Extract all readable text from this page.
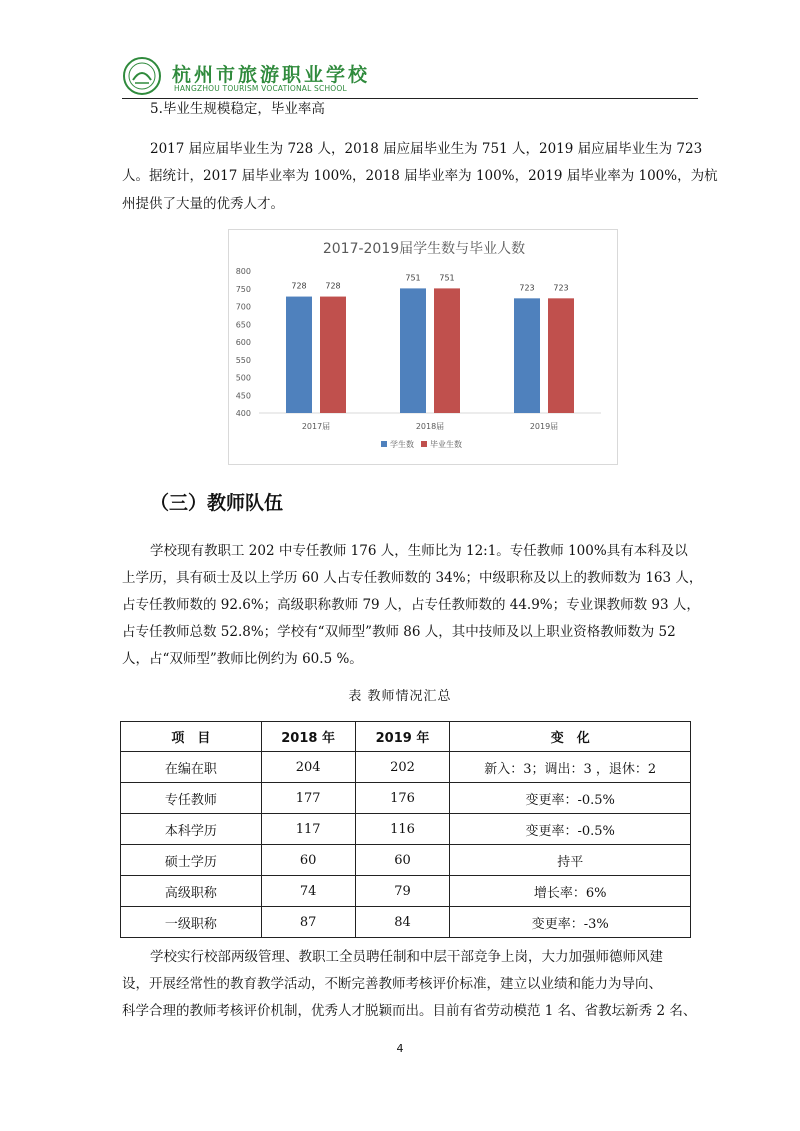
杭州市旅游职业学校
HANGZHOU TOURISM VOCATIONAL SCHOOL
5.毕业生规模稳定，毕业率高
2017 届应届毕业生为 728 人，2018 届应届毕业生为 751 人，2019 届应届毕业生为 723
人。据统计，2017 届毕业率为 100%，2018 届毕业率为 100%，2019 届毕业率为 100%，为杭
州提供了大量的优秀人才。
2017-2019届学生数与毕业人数
400
450
500
550
600
650
700
750
800
2017届
728 728
2018届
751 751
2019届
723 723
学生数 毕业生数
（三）教师队伍
学校现有教职工 202 中专任教师 176 人，生师比为 12:1。专任教师 100%具有本科及以
上学历，具有硕士及以上学历 60 人占专任教师数的 34%；中级职称及以上的教师数为 163 人，
占专任教师数的 92.6%；高级职称教师 79 人，占专任教师数的 44.9%；专业课教师数 93 人，
占专任教师总数 52.8%；学校有“双师型”教师 86 人，其中技师及以上职业资格教师数为 52
人，占“双师型”教师比例约为 60.5 %。
表 教师情况汇总
项　目	2018 年	2019 年	变　化
在编在职	204	202	新入：3；调出：3 ，退休：2
专任教师	177	176	变更率：-0.5%
本科学历	117	116	变更率：-0.5%
硕士学历	60	60	持平
高级职称	74	79	增长率：6%
一级职称	87	84	变更率：-3%
学校实行校部两级管理、教职工全员聘任制和中层干部竞争上岗，大力加强师德师风建
设，开展经常性的教育教学活动，不断完善教师考核评价标准，建立以业绩和能力为导向、
科学合理的教师考核评价机制，优秀人才脱颖而出。目前有省劳动模范 1 名、省教坛新秀 2 名、
4
